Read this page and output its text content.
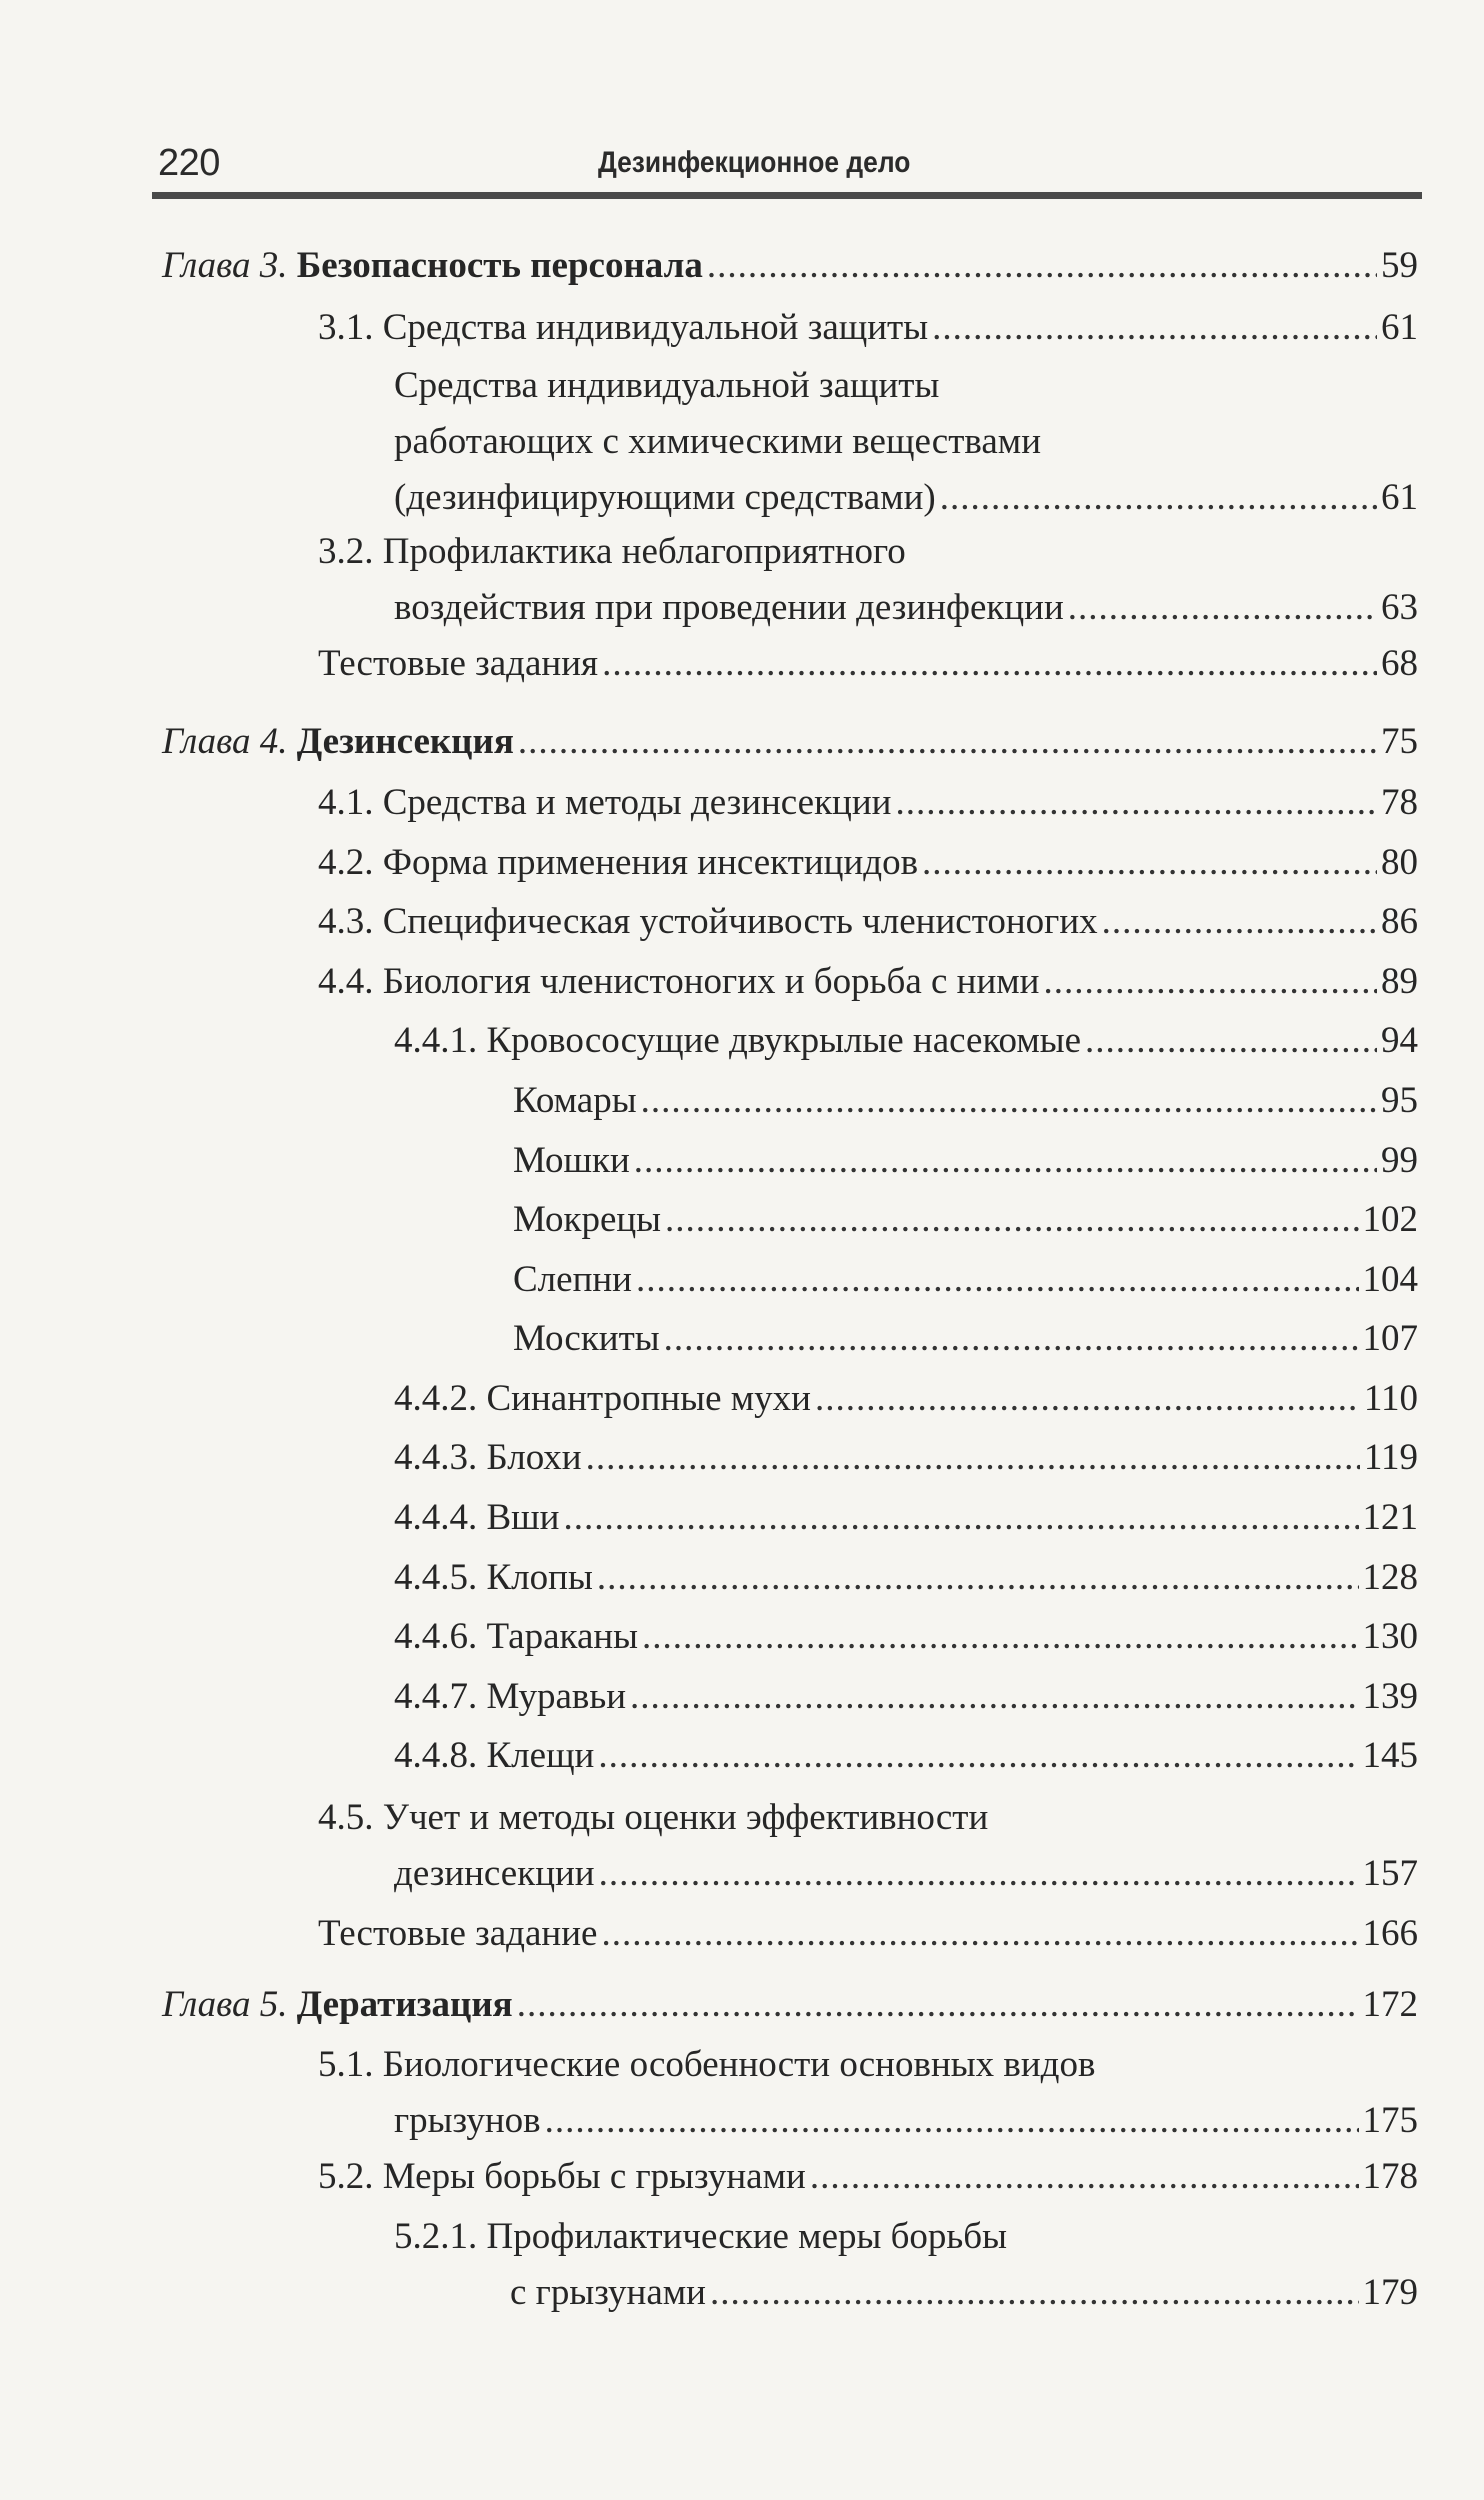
220	Дезинфекционное дело
Глава 3. Безопасность персонала .....	59
3.1. Средства индивидуальной защиты .....	61
Средства индивидуальной защиты
работающих с химическими веществами
(дезинфицирующими средствами) .....	61
3.2. Профилактика неблагоприятного
воздействия при проведении дезинфекции .....	63
Тестовые задания .....	68
Глава 4. Дезинсекция .....	75
4.1. Средства и методы дезинсекции .....	78
4.2. Форма применения инсектицидов .....	80
4.3. Специфическая устойчивость членистоногих .....	86
4.4. Биология членистоногих и борьба с ними .....	89
4.4.1. Кровососущие двукрылые насекомые .....	94
Комары .....	95
Мошки .....	99
Мокрецы .....	102
Слепни .....	104
Москиты .....	107
4.4.2. Синантропные мухи .....	110
4.4.3. Блохи .....	119
4.4.4. Вши .....	121
4.4.5. Клопы .....	128
4.4.6. Тараканы .....	130
4.4.7. Муравьи .....	139
4.4.8. Клещи .....	145
4.5. Учет и методы оценки эффективности
дезинсекции .....	157
Тестовые задание .....	166
Глава 5. Дератизация .....	172
5.1. Биологические особенности основных видов
грызунов .....	175
5.2. Меры борьбы с грызунами .....	178
5.2.1. Профилактические меры борьбы
с грызунами .....	179
